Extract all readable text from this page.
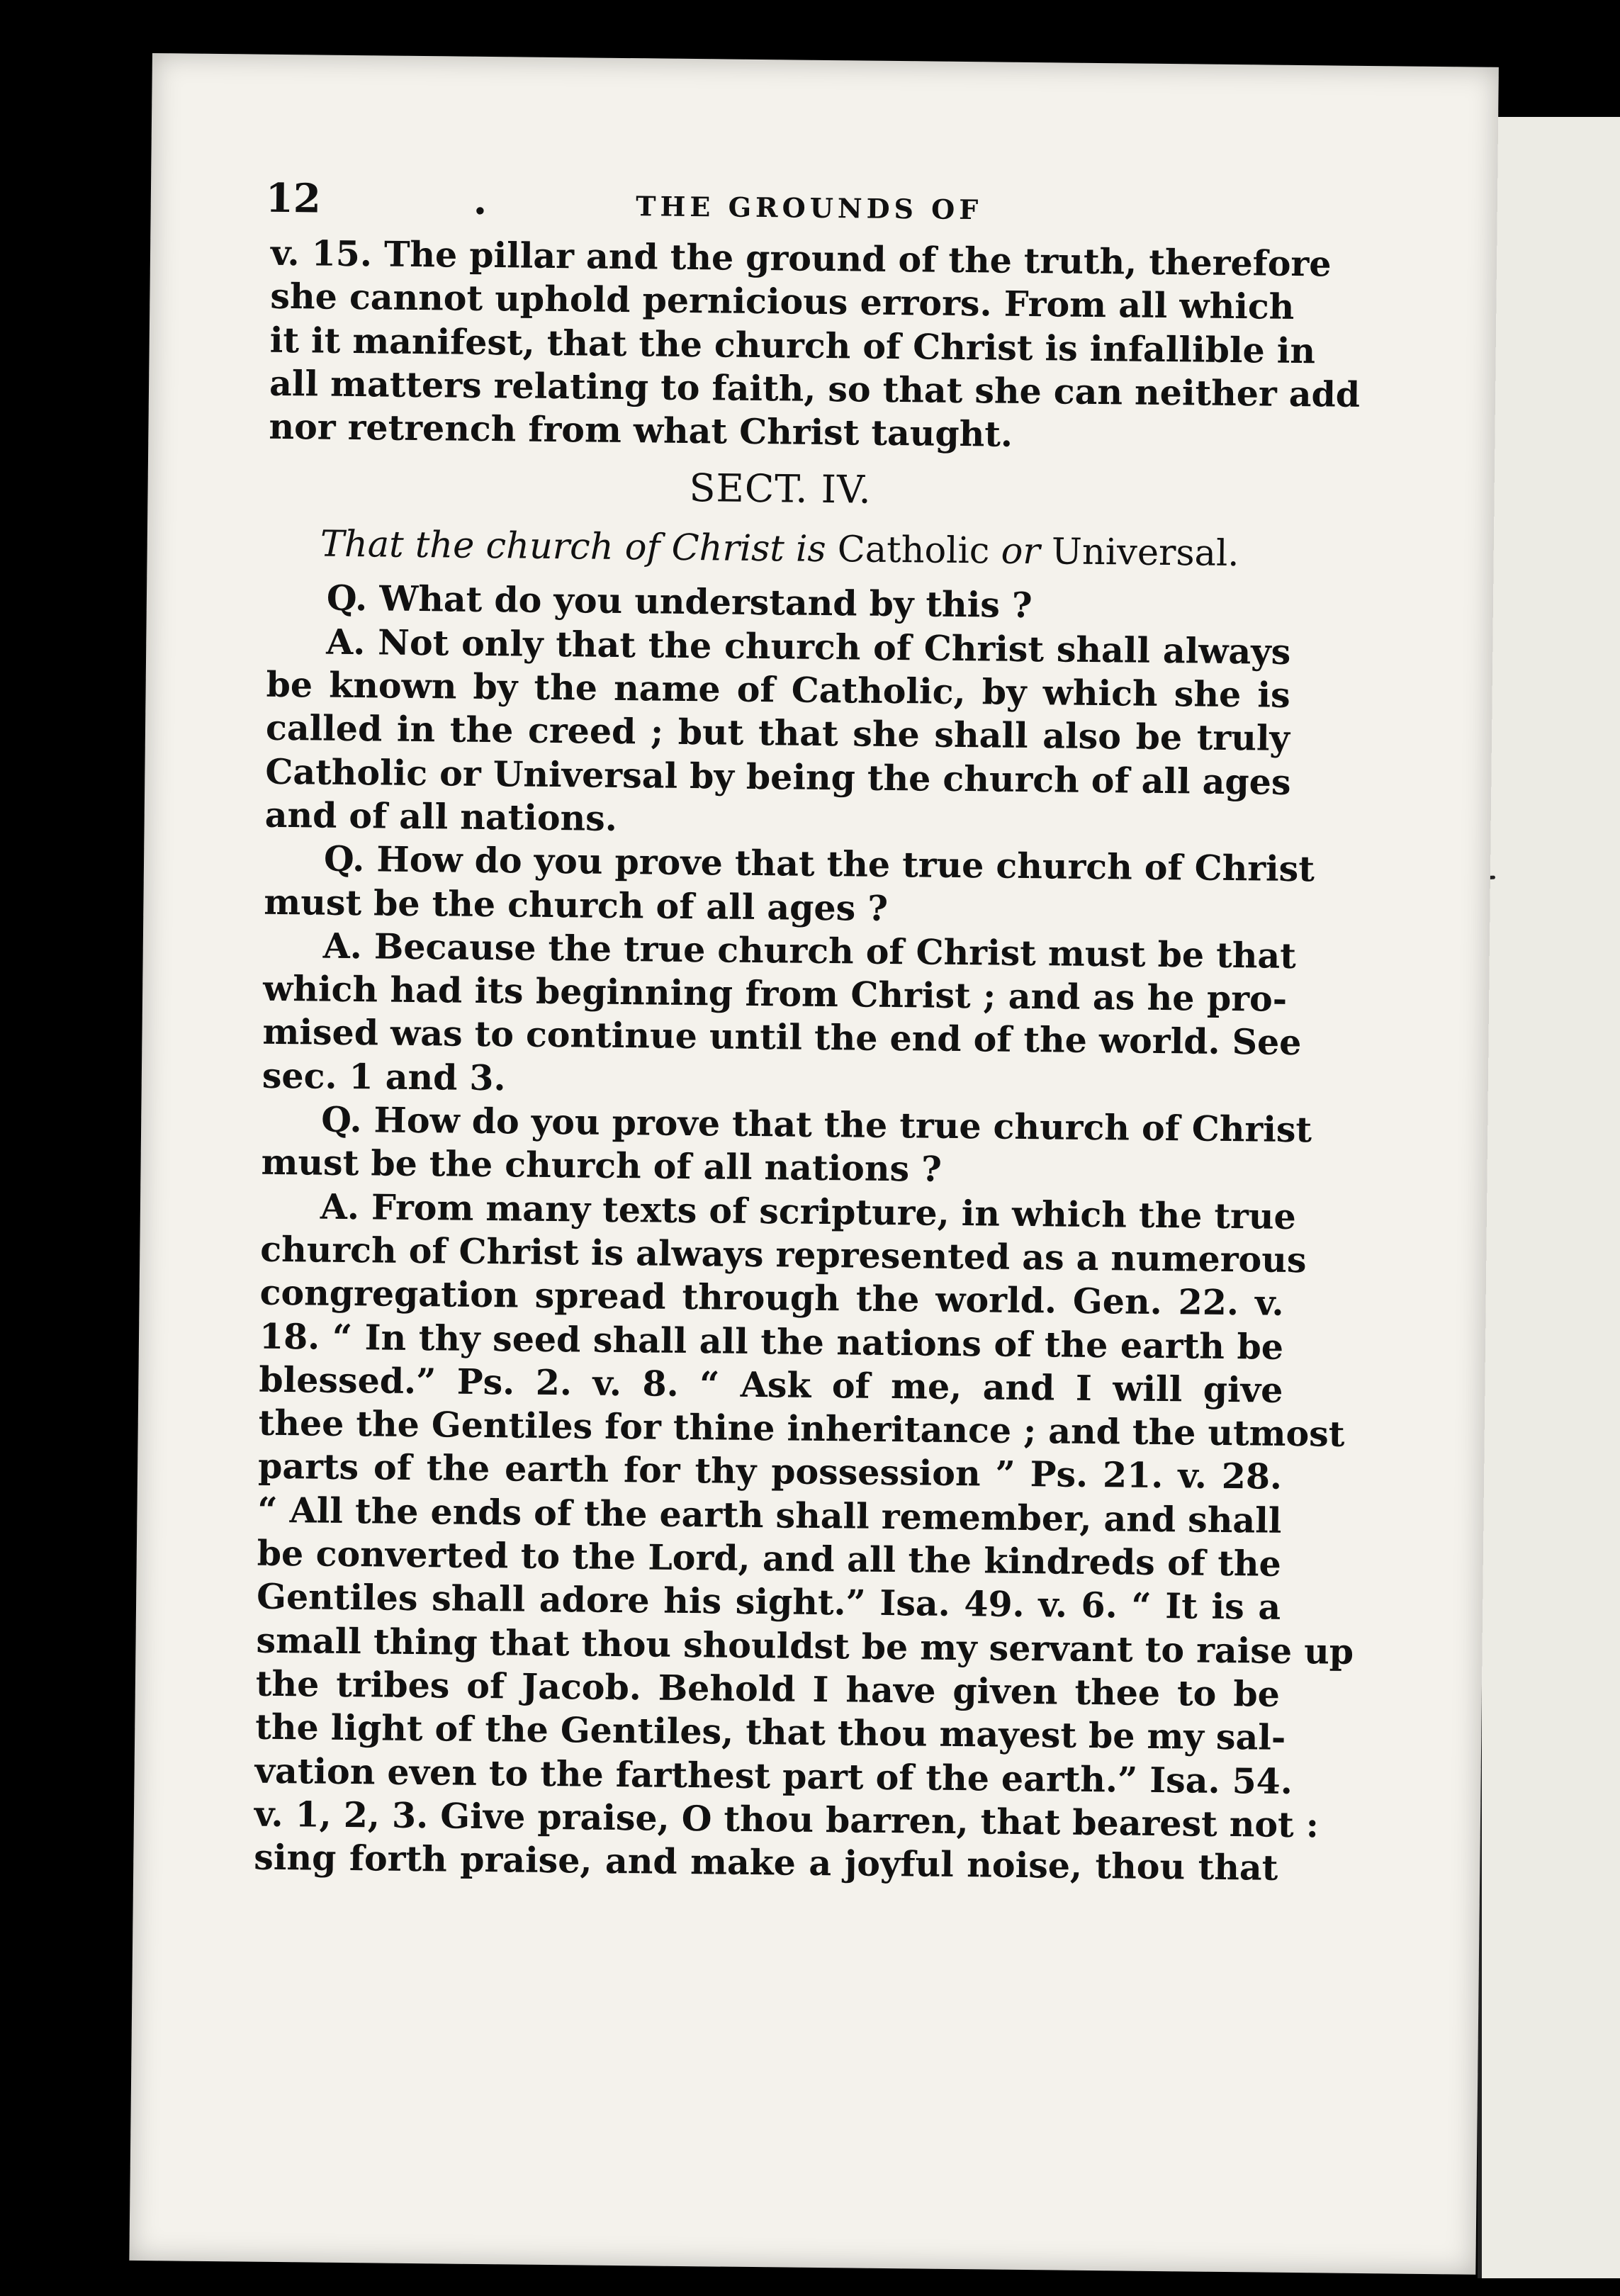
12	.	THE GROUNDS OF
v. 15. The pillar and the ground of the truth, therefore
she cannot uphold pernicious errors. From all which
it it manifest, that the church of Christ is infallible in
all matters relating to faith, so that she can neither add
nor retrench from what Christ taught.
SECT. IV.
That the church of Christ is Catholic or Universal.
Q. What do you understand by this ?
A. Not only that the church of Christ shall always
be known by the name of Catholic, by which she is
called in the creed ; but that she shall also be truly
Catholic or Universal by being the church of all ages
and of all nations.
Q. How do you prove that the true church of Christ
must be the church of all ages ?
A. Because the true church of Christ must be that
which had its beginning from Christ ; and as he pro-
mised was to continue until the end of the world. See
sec. 1 and 3.
Q. How do you prove that the true church of Christ
must be the church of all nations ?
A. From many texts of scripture, in which the true
church of Christ is always represented as a numerous
congregation spread through the world. Gen. 22. v.
18. “ In thy seed shall all the nations of the earth be
blessed.” Ps. 2. v. 8. “ Ask of me, and I will give
thee the Gentiles for thine inheritance ; and the utmost
parts of the earth for thy possession ” Ps. 21. v. 28.
“ All the ends of the earth shall remember, and shall
be converted to the Lord, and all the kindreds of the
Gentiles shall adore his sight.” Isa. 49. v. 6. “ It is a
small thing that thou shouldst be my servant to raise up
the tribes of Jacob. Behold I have given thee to be
the light of the Gentiles, that thou mayest be my sal-
vation even to the farthest part of the earth.” Isa. 54.
v. 1, 2, 3. Give praise, O thou barren, that bearest not :
sing forth praise, and make a joyful noise, thou that
